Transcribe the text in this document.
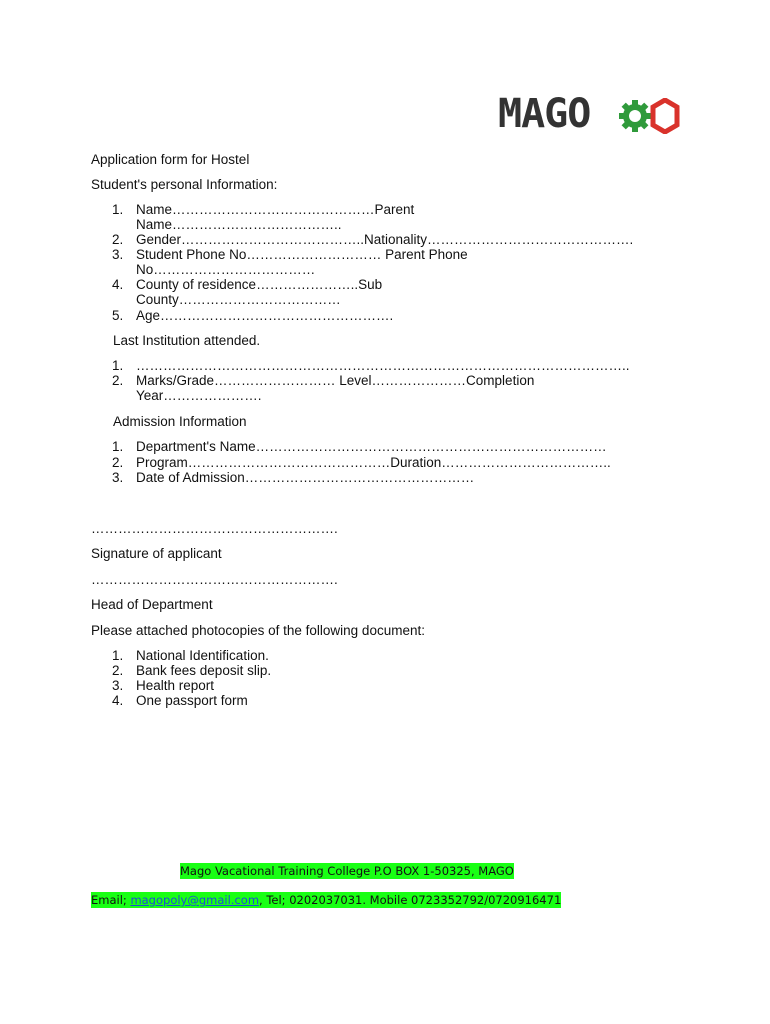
MAGO
Application form for Hostel
Student's personal Information:
1. Name………………………………………Parent
Name………………………………..
2. Gender…………………………………..Nationality……………………………………….
3. Student Phone No………………………… Parent Phone
No………………………………
4. County of residence…………………..Sub
County………………………………
5. Age…………………………………………….
Last Institution attended.
1. ………………………………………………………………………………………………..
2. Marks/Grade……………………… Level…………………Completion
Year………………….
Admission Information
1. Department's Name……………………………………………………………………
2. Program………………………………………Duration………………………………..
3. Date of Admission……………………………………………
……………………………………………….
Signature of applicant
……………………………………………….
Head of Department
Please attached photocopies of the following document:
1. National Identification.
2. Bank fees deposit slip.
3. Health report
4. One passport form
Mago Vacational Training College P.O BOX 1-50325, MAGO
Email; magopoly@gmail.com, Tel; 0202037031. Mobile 0723352792/0720916471
